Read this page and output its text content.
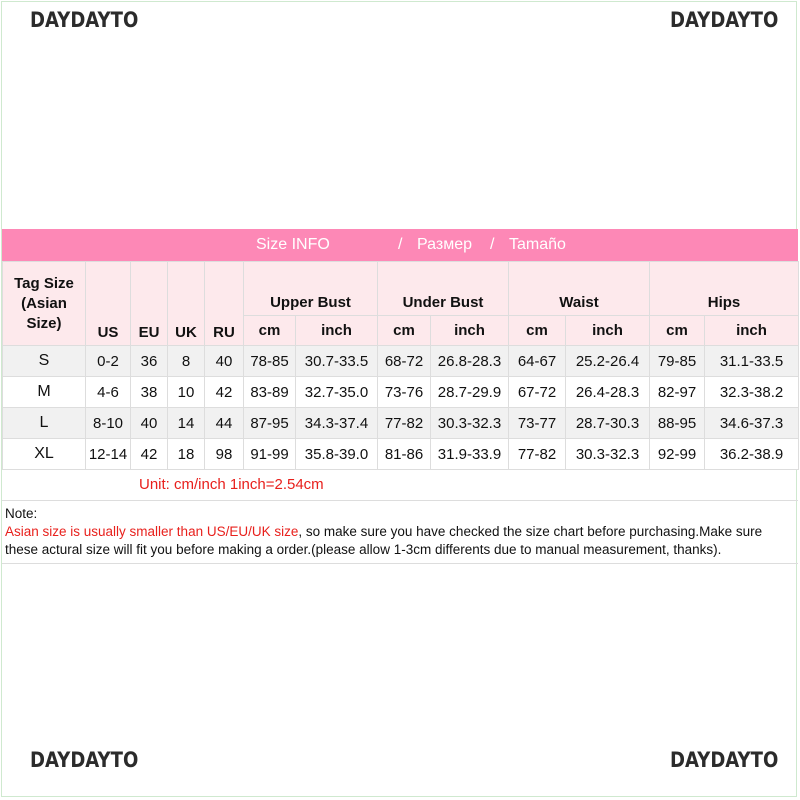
DAYDAYTO	DAYDAYTO
DAYDAYTO	DAYDAYTO
Size INFO	/ Размер / Tamaño
Tag Size (Asian Size)	US	EU	UK	RU	Upper Bust		Under Bust		Waist		Hips	
					cm	inch	cm	inch	cm	inch	cm	inch
S	0-2	36	8	40	78-85	30.7-33.5	68-72	26.8-28.3	64-67	25.2-26.4	79-85	31.1-33.5
M	4-6	38	10	42	83-89	32.7-35.0	73-76	28.7-29.9	67-72	26.4-28.3	82-97	32.3-38.2
L	8-10	40	14	44	87-95	34.3-37.4	77-82	30.3-32.3	73-77	28.7-30.3	88-95	34.6-37.3
XL	12-14	42	18	98	91-99	35.8-39.0	81-86	31.9-33.9	77-82	30.3-32.3	92-99	36.2-38.9
Unit: cm/inch 1inch=2.54cm
Note:
Asian size is usually smaller than US/EU/UK size, so make sure you have checked the size chart before purchasing.Make sure these actural size will fit you before making a order.(please allow 1-3cm differents due to manual measurement, thanks).
